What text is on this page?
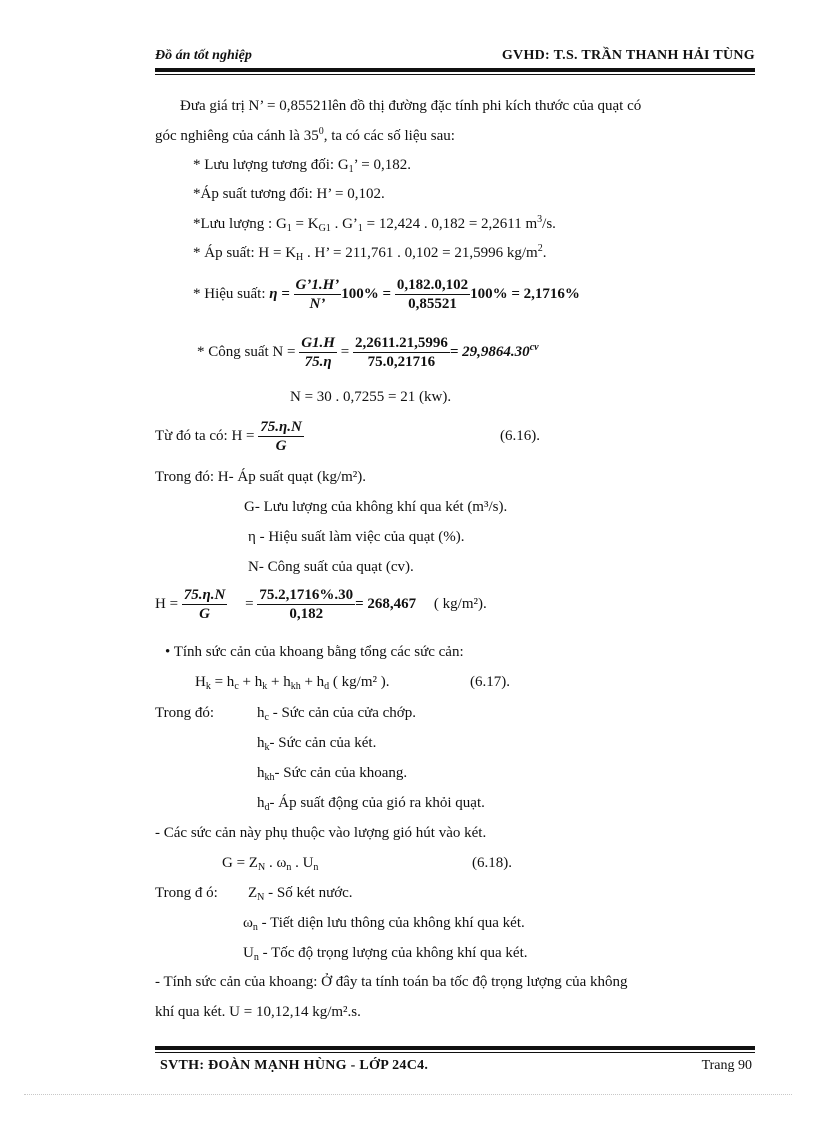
Đồ án tốt nghiệp	GVHD: T.S. TRẦN THANH HẢI TÙNG
Đưa giá trị N’ = 0,85521lên đồ thị đường đặc tính phi kích thước của quạt có
góc nghiêng của cánh là $35^0$, ta có các số liệu sau:
* Lưu lượng tương đối: $G_1$’ = 0,182.
*Áp suất tương đối: H’ = 0,102.
*Lưu lượng : $G_1 = K_{G1}$ . $G’_1 = 12,424$ . 0,182 = 2,2611 $m^3/s$.
* Áp suất: $H = K_H$ . H’ = 211,761 . 0,102 = 21,5996 $kg/m^2$.
* Hiệu suất: $\eta = \frac{G’1.H’}{N’} 100\% = \frac{0,182.0,102}{0,85521} 100\% = 2,1716\%$
* Công suất $N = \frac{G1.H}{75.\eta} = \frac{2,2611.21,5996}{75.0,21716} = 29,9864.30^{cv}$
N = 30 . 0,7255 = 21 (kw).
Từ đó ta có: $H = \frac{75.\eta.N}{G}$	(6.16).
Trong đó: H- Áp suất quạt (kg/m²).
G- Lưu lượng của không khí qua két (m³/s).
η - Hiệu suất làm việc của quạt (%).
N- Công suất của quạt (cv).
$H = \frac{75.\eta.N}{G} = \frac{75.2,1716\%.30}{0,182} = 268,467$ ( kg/m²).
• Tính sức cản của khoang bằng tổng các sức cản:
$H_k = h_c + h_k + h_{kh} + h_d$ ( kg/m² ).	(6.17).
Trong đó:	$h_c$ - Sức cản của cửa chớp.
$h_k-$ Sức cản của két.
$h_{kh}-$ Sức cản của khoang.
$h_d-$ Áp suất động của gió ra khỏi quạt.
- Các sức cản này phụ thuộc vào lượng gió hút vào két.
$G = Z_N$ . $\omega_n$ . $U_n$	(6.18).
Trong đ ó: $Z_N$ - Số két nước.
$\omega_n$ - Tiết diện lưu thông của không khí qua két.
$U_n$ - Tốc độ trọng lượng của không khí qua két.
- Tính sức cản của khoang: Ở đây ta tính toán ba tốc độ trọng lượng của không
khí qua két. U = 10,12,14 kg/m².s.
SVTH: ĐOÀN MẠNH HÙNG - LỚP 24C4.	Trang 90
